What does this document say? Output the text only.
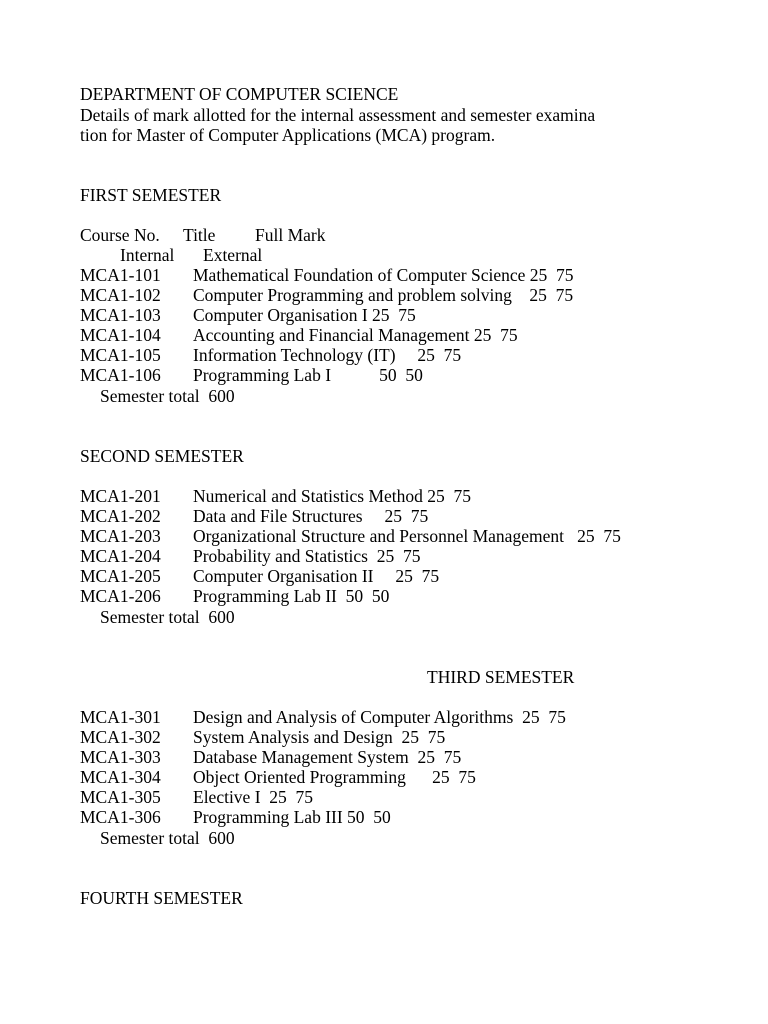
DEPARTMENT OF COMPUTER SCIENCE
Details of mark allotted for the internal assessment and semester examina
tion for Master of Computer Applications (MCA) program.
FIRST SEMESTER
Course No. Title Full Mark
Internal External
MCA1-101 Mathematical Foundation of Computer Science 25  75
MCA1-102 Computer Programming and problem solving    25  75
MCA1-103 Computer Organisation I 25  75
MCA1-104 Accounting and Financial Management 25  75
MCA1-105 Information Technology (IT)     25  75
MCA1-106 Programming Lab I           50  50
Semester total  600
SECOND SEMESTER
MCA1-201 Numerical and Statistics Method 25  75
MCA1-202 Data and File Structures     25  75
MCA1-203 Organizational Structure and Personnel Management   25  75
MCA1-204 Probability and Statistics  25  75
MCA1-205 Computer Organisation II     25  75
MCA1-206 Programming Lab II  50  50
Semester total  600
THIRD SEMESTER
MCA1-301 Design and Analysis of Computer Algorithms  25  75
MCA1-302 System Analysis and Design  25  75
MCA1-303 Database Management System  25  75
MCA1-304 Object Oriented Programming      25  75
MCA1-305 Elective I  25  75
MCA1-306 Programming Lab III 50  50
Semester total  600
FOURTH SEMESTER
